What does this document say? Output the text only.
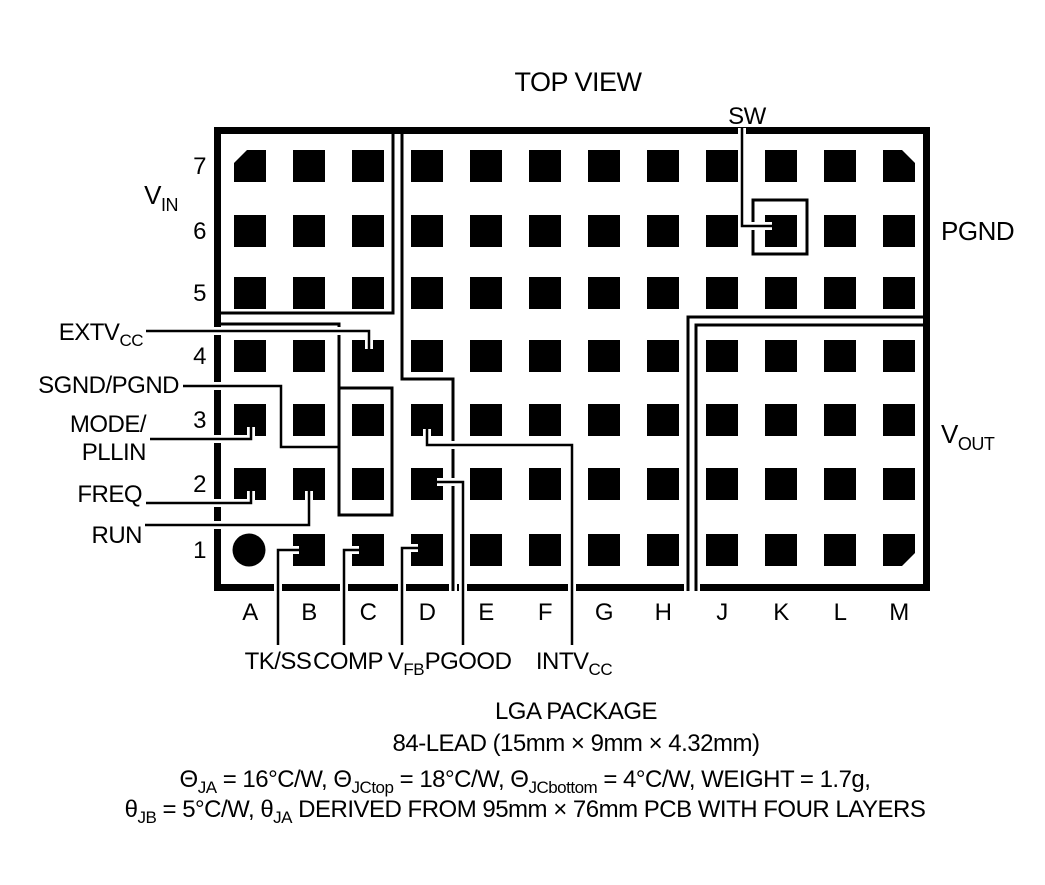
TOP VIEW
SW
$V_{IN}$
PGND
$V_{OUT}$
$EXTV_{CC}$
SGND/PGND
MODE/
PLLIN
FREQ
RUN
7
6
5
4
3
2
1
A B C D E F G H J K L M
TK/SS COMP $V_{FB}$ PGOOD $INTV_{CC}$
LGA PACKAGE
84-LEAD (15mm × 9mm × 4.32mm)
$\Theta_{JA} = 16^\circ C/W$, $\Theta_{JCtop} = 18^\circ C/W$, $\Theta_{JCbottom} = 4^\circ C/W$, WEIGHT = 1.7g,
$\theta_{JB} = 5^\circ C/W$, $\theta_{JA}$ DERIVED FROM 95mm × 76mm PCB WITH FOUR LAYERS
